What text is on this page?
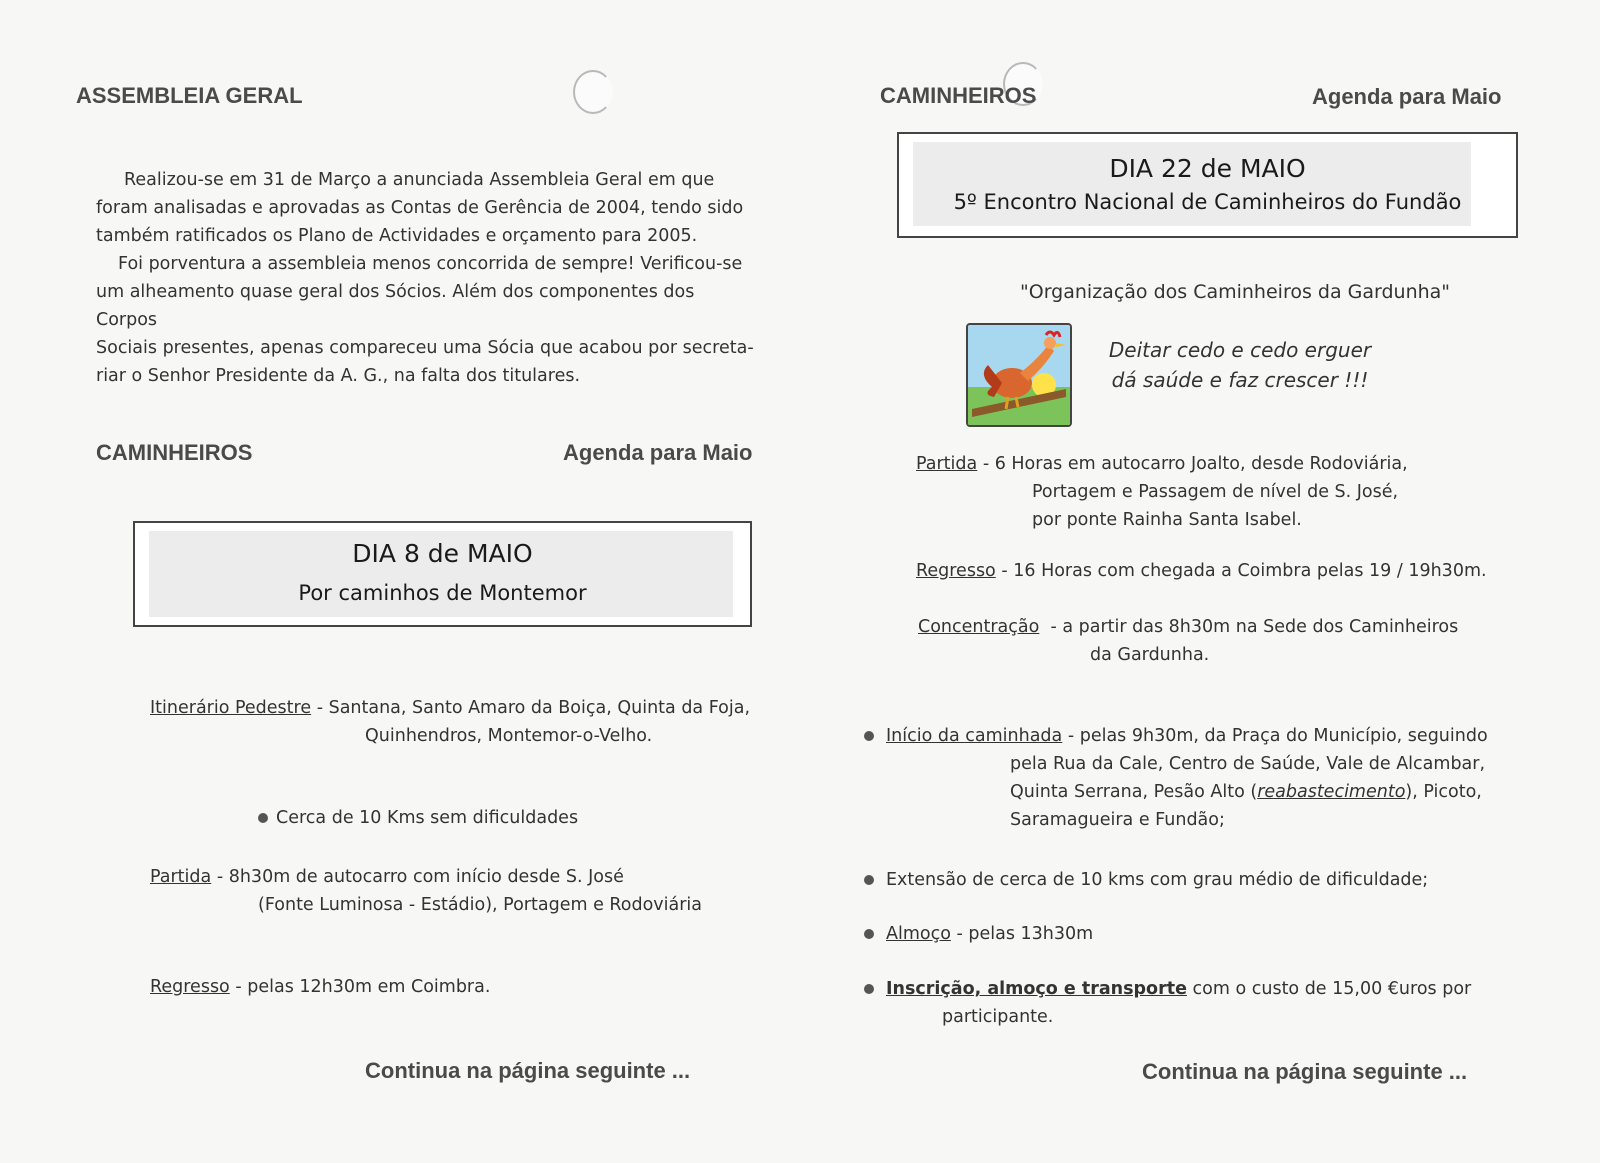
ASSEMBLEIA GERAL
Realizou-se em 31 de Março a anunciada Assembleia Geral em que
foram analisadas e aprovadas as Contas de Gerência de 2004, tendo sido
também ratificados os Plano de Actividades e orçamento para 2005.
Foi porventura a assembleia menos concorrida de sempre! Verificou-se
um alheamento quase geral dos Sócios. Além dos componentes dos Corpos
Sociais presentes, apenas compareceu uma Sócia que acabou por secreta-
riar o Senhor Presidente da A. G., na falta dos titulares.
CAMINHEIROS	Agenda para Maio
DIA 8 de MAIO
Por caminhos de Montemor
Itinerário Pedestre - Santana, Santo Amaro da Boiça, Quinta da Foja,
Quinhendros, Montemor-o-Velho.
Cerca de 10 Kms sem dificuldades
Partida - 8h30m de autocarro com início desde S. José
(Fonte Luminosa - Estádio), Portagem e Rodoviária
Regresso - pelas 12h30m em Coimbra.
Continua na página seguinte ...
CAMINHEIROS	Agenda para Maio
DIA 22 de MAIO
5º Encontro Nacional de Caminheiros do Fundão
"Organização dos Caminheiros da Gardunha"
Deitar cedo e cedo erguer
dá saúde e faz crescer !!!
Partida - 6 Horas em autocarro Joalto, desde Rodoviária,
Portagem e Passagem de nível de S. José,
por ponte Rainha Santa Isabel.
Regresso - 16 Horas com chegada a Coimbra pelas 19 / 19h30m.
Concentração - a partir das 8h30m na Sede dos Caminheiros
da Gardunha.
Início da caminhada - pelas 9h30m, da Praça do Município, seguindo
pela Rua da Cale, Centro de Saúde, Vale de Alcambar,
Quinta Serrana, Pesão Alto (reabastecimento), Picoto,
Saramagueira e Fundão;
Extensão de cerca de 10 kms com grau médio de dificuldade;
Almoço - pelas 13h30m
Inscrição, almoço e transporte com o custo de 15,00 €uros por
participante.
Continua na página seguinte ...
